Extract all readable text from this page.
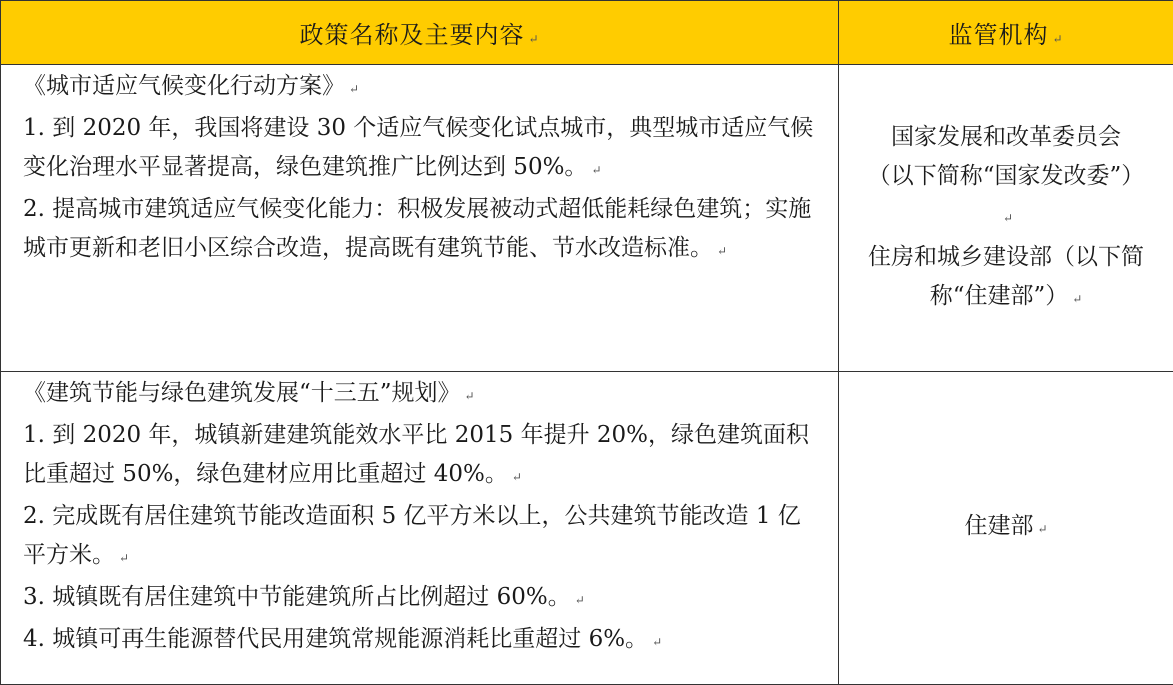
政策名称及主要内容 ↵	监管机构 ↵

《城市适应气候变化行动方案》 ↵
1. 到 2020 年，我国将建设 30 个适应气候变化试点城市，典型城市适应气候变化治理水平显著提高，绿色建筑推广比例达到 50%。 ↵
2. 提高城市建筑适应气候变化能力：积极发展被动式超低能耗绿色建筑；实施城市更新和老旧小区综合改造，提高既有建筑节能、节水改造标准。 ↵	国家发展和改革委员会
（以下简称“国家发改委”）↵
住房和城乡建设部（以下简称“住建部”） ↵

《建筑节能与绿色建筑发展“十三五”规划》 ↵
1. 到 2020 年，城镇新建建筑能效水平比 2015 年提升 20%，绿色建筑面积比重超过 50%，绿色建材应用比重超过 40%。 ↵
2. 完成既有居住建筑节能改造面积 5 亿平方米以上，公共建筑节能改造 1 亿平方米。 ↵
3. 城镇既有居住建筑中节能建筑所占比例超过 60%。 ↵
4. 城镇可再生能源替代民用建筑常规能源消耗比重超过 6%。 ↵	住建部 ↵
